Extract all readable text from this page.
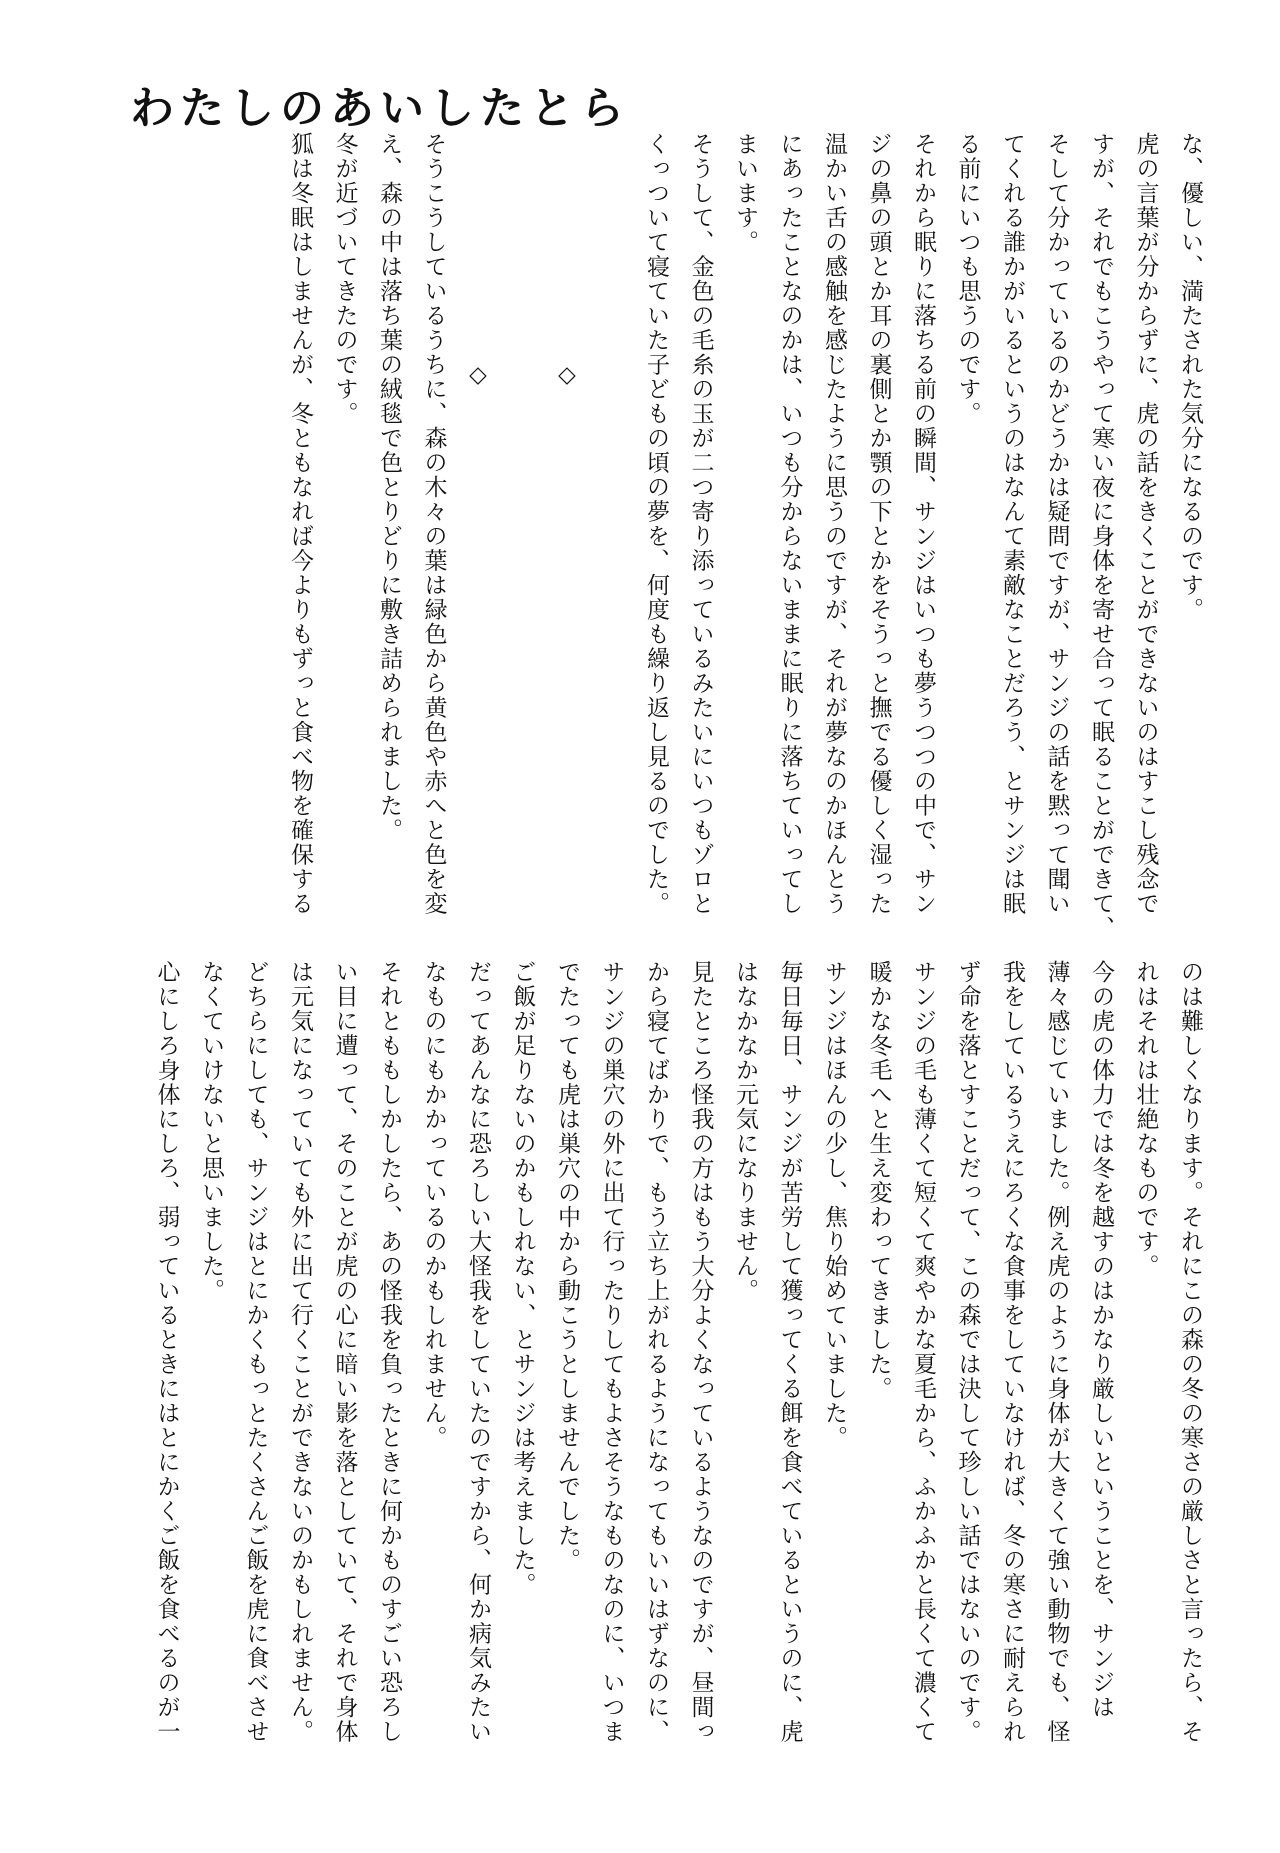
わたしのあいしたとら
な、優しい、満たされた気分になるのです。
虎の言葉が分からずに、虎の話をきくことができないのはすこし残念で
すが、それでもこうやって寒い夜に身体を寄せ合って眠ることができて、
そして分かっているのかどうかは疑問ですが、サンジの話を黙って聞い
てくれる誰かがいるというのはなんて素敵なことだろう、とサンジは眠
る前にいつも思うのです。
それから眠りに落ちる前の瞬間、サンジはいつも夢うつつの中で、サン
ジの鼻の頭とか耳の裏側とか顎の下とかをそうっと撫でる優しく湿った
温かい舌の感触を感じたように思うのですが、それが夢なのかほんとう
にあったことなのかは、いつも分からないままに眠りに落ちていってし
まいます。
そうして、金色の毛糸の玉が二つ寄り添っているみたいにいつもゾロと
くっついて寝ていた子どもの頃の夢を、何度も繰り返し見るのでした。

◇

◇
そうこうしているうちに、森の木々の葉は緑色から黄色や赤へと色を変
え、森の中は落ち葉の絨毯で色とりどりに敷き詰められました。
冬が近づいてきたのです。
狐は冬眠はしませんが、冬ともなれば今よりもずっと食べ物を確保する
のは難しくなります。それにこの森の冬の寒さの厳しさと言ったら、そ
れはそれは壮絶なものです。
今の虎の体力では冬を越すのはかなり厳しいということを、サンジは
薄々感じていました。例え虎のように身体が大きくて強い動物でも、怪
我をしているうえにろくな食事をしていなければ、冬の寒さに耐えられ
ず命を落とすことだって、この森では決して珍しい話ではないのです。
サンジの毛も薄くて短くて爽やかな夏毛から、ふかふかと長くて濃くて
暖かな冬毛へと生え変わってきました。
サンジはほんの少し、焦り始めていました。
毎日毎日、サンジが苦労して獲ってくる餌を食べているというのに、虎
はなかなか元気になりません。
見たところ怪我の方はもう大分よくなっているようなのですが、昼間っ
から寝てばかりで、もう立ち上がれるようになってもいいはずなのに、
サンジの巣穴の外に出て行ったりしてもよさそうなものなのに、いつま
でたっても虎は巣穴の中から動こうとしませんでした。
ご飯が足りないのかもしれない、とサンジは考えました。
だってあんなに恐ろしい大怪我をしていたのですから、何か病気みたい
なものにもかかっているのかもしれません。
それとももしかしたら、あの怪我を負ったときに何かものすごい恐ろし
い目に遭って、そのことが虎の心に暗い影を落としていて、それで身体
は元気になっていても外に出て行くことができないのかもしれません。
どちらにしても、サンジはとにかくもっとたくさんご飯を虎に食べさせ
なくていけないと思いました。
心にしろ身体にしろ、弱っているときにはとにかくご飯を食べるのが一
